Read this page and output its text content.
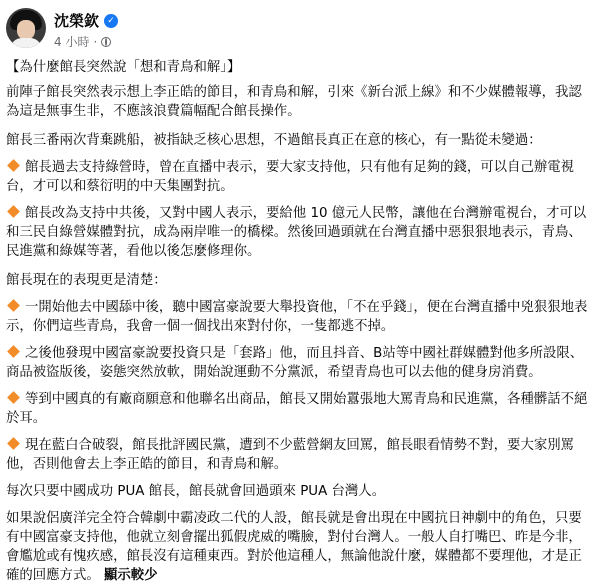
沈榮欽 ✓
4 小時 ·

【為什麼館長突然說「想和青鳥和解」】

前陣子館長突然表示想上李正皓的節目，和青鳥和解，引來《新台派上線》和不少媒體報導，我認為這是無事生非，不應該浪費篇幅配合館長操作。

館長三番兩次背棄跳船，被指缺乏核心思想，不過館長真正在意的核心，有一點從未變過：

館長過去支持綠營時，曾在直播中表示，要大家支持他，只有他有足夠的錢，可以自己辦電視台，才可以和蔡衍明的中天集團對抗。

館長改為支持中共後，又對中國人表示，要給他 10 億元人民幣，讓他在台灣辦電視台，才可以和三民自綠營媒體對抗，成為兩岸唯一的橋樑。然後回過頭就在台灣直播中惡狠狠地表示，青鳥、民進黨和綠媒等著，看他以後怎麼修理你。

館長現在的表現更是清楚：

一開始他去中國舔中後，聽中國富豪說要大舉投資他，「不在乎錢」，便在台灣直播中兇狠狠地表示，你們這些青鳥，我會一個一個找出來對付你，一隻都逃不掉。

之後他發現中國富豪說要投資只是「套路」他，而且抖音、B站等中國社群媒體對他多所設限、商品被盜版後，姿態突然放軟，開始說運動不分黨派，希望青鳥也可以去他的健身房消費。

等到中國真的有廠商願意和他聯名出商品，館長又開始囂張地大罵青鳥和民進黨，各種髒話不絕於耳。

現在藍白合破裂，館長批評國民黨，遭到不少藍營網友回罵，館長眼看情勢不對，要大家別罵他，否則他會去上李正皓的節目，和青鳥和解。

每次只要中國成功 PUA 館長，館長就會回過頭來 PUA 台灣人。

如果說侶廣洋完全符合韓劇中霸凌政二代的人設，館長就是會出現在中國抗日神劇中的角色，只要有中國富豪支持他，他就立刻會擺出狐假虎威的嘴臉，對付台灣人。一般人自打嘴巴、昨是今非，會尷尬或有愧疚感，館長沒有這種東西。對於他這種人，無論他說什麼，媒體都不要理他，才是正確的回應方式。 顯示較少
